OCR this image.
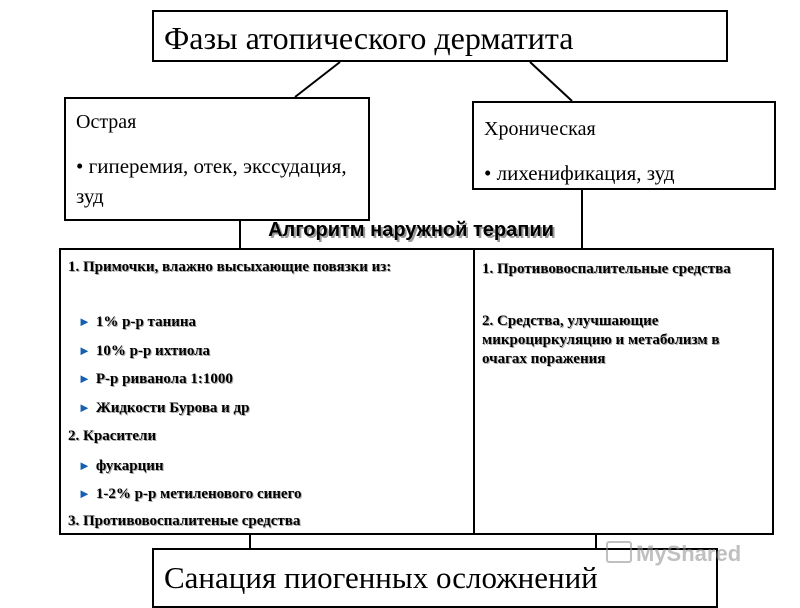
Фазы атопического дерматита
Острая
• гиперемия, отек, экссудация, зуд
Хроническая
• лихенификация, зуд
Алгоритм наружной терапии
1. Примочки, влажно высыхающие повязки из:
► 1% р-р танина
► 10% р-р ихтиола
► Р-р риванола 1:1000
► Жидкости Бурова и др
2. Красители
► фукарцин
► 1-2% р-р метиленового синего
3. Противовоспалитеные средства
1. Противовоспалительные средства
2. Средства, улучшающие микроциркуляцию и метаболизм в очагах поражения
Санация пиогенных осложнений
MyShared
